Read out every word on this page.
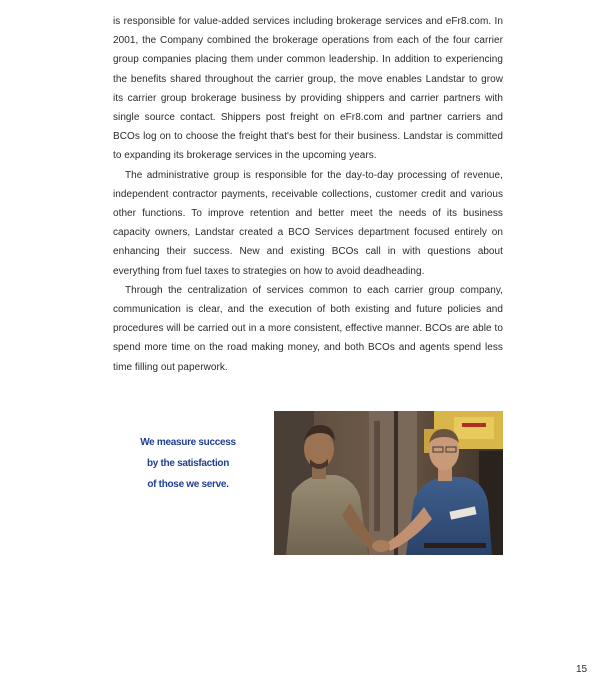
is responsible for value-added services including brokerage services and eFr8.com. In 2001, the Company combined the brokerage operations from each of the four carrier group companies placing them under common leadership. In addition to experiencing the benefits shared throughout the carrier group, the move enables Landstar to grow its carrier group brokerage business by providing shippers and carrier partners with single source contact. Shippers post freight on eFr8.com and partner carriers and BCOs log on to choose the freight that's best for their business. Landstar is committed to expanding its brokerage services in the upcoming years.

The administrative group is responsible for the day-to-day processing of revenue, independent contractor payments, receivable collections, customer credit and various other functions. To improve retention and better meet the needs of its business capacity owners, Landstar created a BCO Services department focused entirely on enhancing their success. New and existing BCOs call in with questions about everything from fuel taxes to strategies on how to avoid deadheading.

Through the centralization of services common to each carrier group company, communication is clear, and the execution of both existing and future policies and procedures will be carried out in a more consistent, effective manner. BCOs are able to spend more time on the road making money, and both BCOs and agents spend less time filling out paperwork.

We measure success
by the satisfaction
of those we serve.
15
